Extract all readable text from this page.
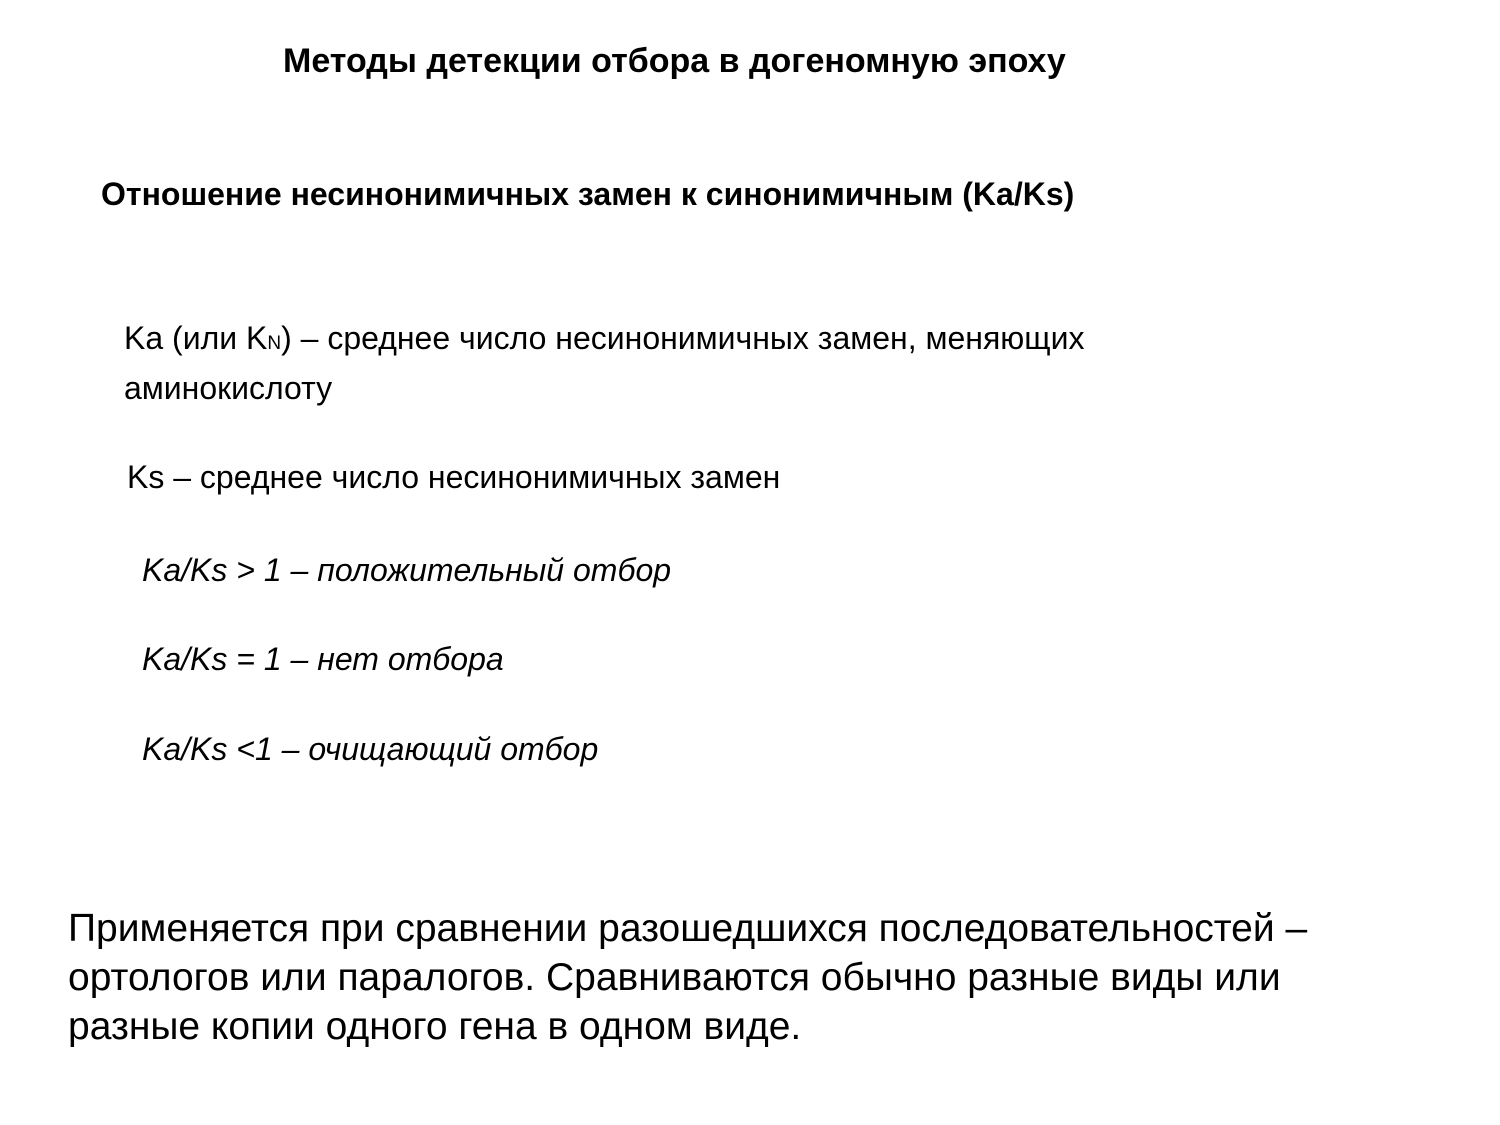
Методы детекции отбора в догеномную эпоху
Отношение несинонимичных замен к синонимичным (Ka/Ks)
Ka (или KN) – среднее число несинонимичных замен, меняющих
аминокислоту
Ks – среднее число несинонимичных замен
Ka/Ks > 1 – положительный отбор
Ka/Ks = 1 – нет отбора
Ka/Ks <1 – очищающий отбор
Применяется при сравнении разошедшихся последовательностей –
ортологов или паралогов. Сравниваются обычно разные виды или
разные копии одного гена в одном виде.
